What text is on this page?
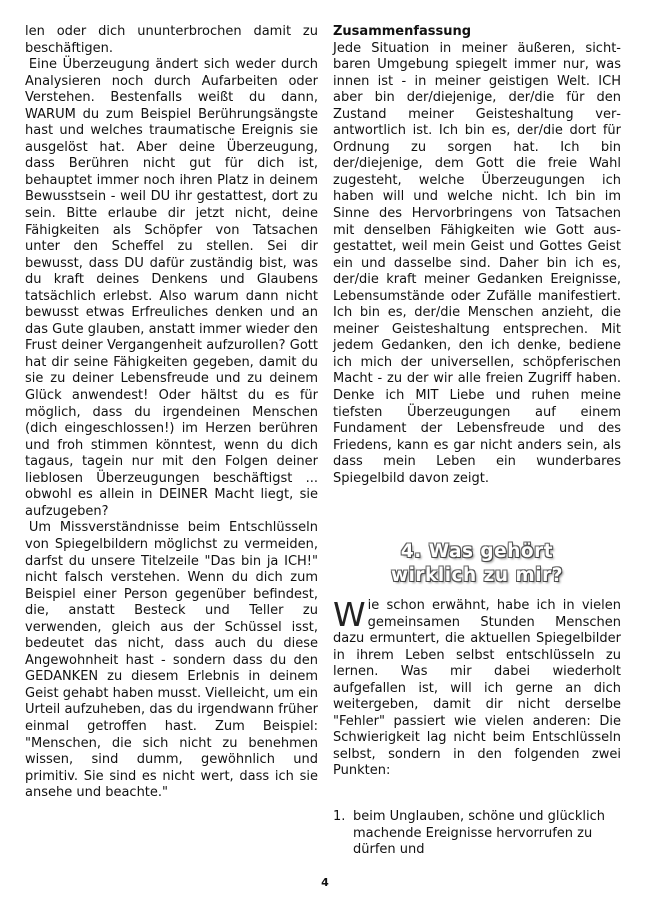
len oder dich ununterbrochen damit zu beschäftigen.

Eine Überzeugung ändert sich weder durch Analysieren noch durch Aufarbeiten oder Verstehen. Bestenfalls weißt du dann, WARUM du zum Beispiel Berührungsängste hast und welches traumatische Ereignis sie ausgelöst hat. Aber deine Überzeugung, dass Berühren nicht gut für dich ist, behauptet immer noch ihren Platz in deinem Bewusstsein - weil DU ihr gestattest, dort zu sein. Bitte erlaube dir jetzt nicht, deine Fähigkeiten als Schöpfer von Tatsachen unter den Scheffel zu stellen. Sei dir bewusst, dass DU dafür zuständig bist, was du kraft deines Denkens und Glaubens tatsächlich erlebst. Also warum dann nicht bewusst etwas Erfreuliches denken und an das Gute glauben, anstatt immer wieder den Frust deiner Vergangenheit aufzurollen? Gott hat dir seine Fähigkeiten gegeben, damit du sie zu deiner Lebensfreude und zu deinem Glück anwendest! Oder hältst du es für möglich, dass du irgendeinen Menschen (dich eingeschlossen!) im Herzen berühren und froh stimmen könntest, wenn du dich tagaus, tagein nur mit den Folgen deiner lieblosen Überzeugungen beschäftigst ... obwohl es allein in DEINER Macht liegt, sie aufzugeben?

Um Missverständnisse beim Entschlüsseln von Spiegelbildern möglichst zu vermeiden, darfst du unsere Titelzeile "Das bin ja ICH!" nicht falsch verstehen. Wenn du dich zum Beispiel einer Person gegenüber befindest, die, anstatt Besteck und Teller zu verwenden, gleich aus der Schüssel isst, bedeutet das nicht, dass auch du diese Angewohnheit hast - sondern dass du den GEDANKEN zu diesem Erlebnis in deinem Geist gehabt haben musst. Vielleicht, um ein Urteil aufzuheben, das du irgendwann früher einmal getroffen hast. Zum Beispiel: "Menschen, die sich nicht zu benehmen wissen, sind dumm, gewöhnlich und primitiv. Sie sind es nicht wert, dass ich sie ansehe und beachte."

Zusammenfassung

Jede Situation in meiner äußeren, sichtbaren Umgebung spiegelt immer nur, was innen ist - in meiner geistigen Welt. ICH aber bin der/diejenige, der/die für den Zustand meiner Geisteshaltung verantwortlich ist. Ich bin es, der/die dort für Ordnung zu sorgen hat. Ich bin der/diejenige, dem Gott die freie Wahl zugesteht, welche Überzeugungen ich haben will und welche nicht. Ich bin im Sinne des Hervorbringens von Tatsachen mit denselben Fähigkeiten wie Gott ausgestattet, weil mein Geist und Gottes Geist ein und dasselbe sind. Daher bin ich es, der/die kraft meiner Gedanken Ereignisse, Lebensumstände oder Zufälle manifestiert. Ich bin es, der/die Menschen anzieht, die meiner Geisteshaltung entsprechen. Mit jedem Gedanken, den ich denke, bediene ich mich der universellen, schöpferischen Macht - zu der wir alle freien Zugriff haben. Denke ich MIT Liebe und ruhen meine tiefsten Überzeugungen auf einem Fundament der Lebensfreude und des Friedens, kann es gar nicht anders sein, als dass mein Leben ein wunderbares Spiegelbild davon zeigt.

4. Was gehört
wirklich zu mir?

Wie schon erwähnt, habe ich in vielen gemeinsamen Stunden Menschen dazu ermuntert, die aktuellen Spiegelbilder in ihrem Leben selbst entschlüsseln zu lernen. Was mir dabei wiederholt aufgefallen ist, will ich gerne an dich weitergeben, damit dir nicht derselbe "Fehler" passiert wie vielen anderen: Die Schwierigkeit lag nicht beim Entschlüsseln selbst, sondern in den folgenden zwei Punkten:

1. beim Unglauben, schöne und glücklich machende Ereignisse hervorrufen zu dürfen und
4
